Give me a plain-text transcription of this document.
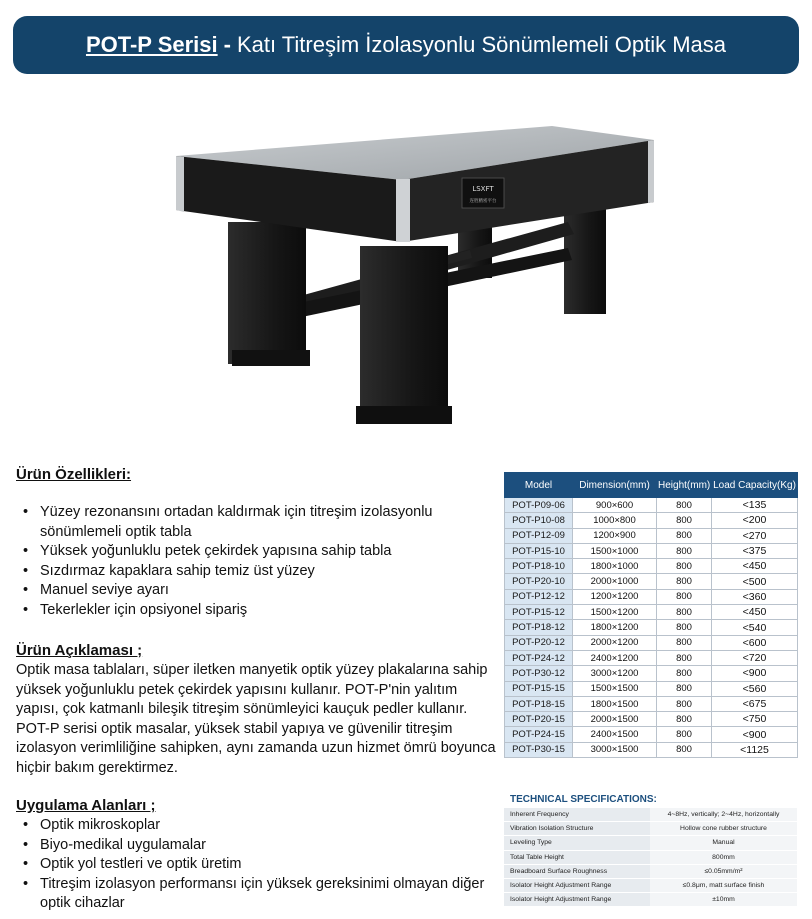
POT-P Serisi - Katı Titreşim İzolasyonlu Sönümlemeli Optik Masa
LSXFT
连胜精密平台
Ürün Özellikleri:
• Yüzey rezonansını ortadan kaldırmak için titreşim izolasyonlu sönümlemeli optik tabla
• Yüksek yoğunluklu petek çekirdek yapısına sahip tabla
• Sızdırmaz kapaklara sahip temiz üst yüzey
• Manuel seviye ayarı
• Tekerlekler için opsiyonel sipariş
Ürün Açıklaması ;
Optik masa tablaları, süper iletken manyetik optik yüzey plakalarına sahip yüksek yoğunluklu petek çekirdek yapısını kullanır. POT-P'nin yalıtım yapısı, çok katmanlı bileşik titreşim sönümleyici kauçuk pedler kullanır. POT-P serisi optik masalar, yüksek stabil yapıya ve güvenilir titreşim izolasyon verimliliğine sahipken, aynı zamanda uzun hizmet ömrü boyunca hiçbir bakım gerektirmez.
Uygulama Alanları ;
• Optik mikroskoplar
• Biyo-medikal uygulamalar
• Optik yol testleri ve optik üretim
• Titreşim izolasyon performansı için yüksek gereksinimi olmayan diğer optik cihazlar
Model	Dimension(mm)	Height(mm)	Load Capacity(Kg)
POT-P09-06	900×600	800	<135
POT-P10-08	1000×800	800	<200
POT-P12-09	1200×900	800	<270
POT-P15-10	1500×1000	800	<375
POT-P18-10	1800×1000	800	<450
POT-P20-10	2000×1000	800	<500
POT-P12-12	1200×1200	800	<360
POT-P15-12	1500×1200	800	<450
POT-P18-12	1800×1200	800	<540
POT-P20-12	2000×1200	800	<600
POT-P24-12	2400×1200	800	<720
POT-P30-12	3000×1200	800	<900
POT-P15-15	1500×1500	800	<560
POT-P18-15	1800×1500	800	<675
POT-P20-15	2000×1500	800	<750
POT-P24-15	2400×1500	800	<900
POT-P30-15	3000×1500	800	<1125
TECHNICAL SPECIFICATIONS:
Inherent Frequency	4~8Hz, vertically; 2~4Hz, horizontally
Vibration Isolation Structure	Hollow cone rubber structure
Leveling Type	Manual
Total Table Height	800mm
Breadboard Surface Roughness	≤0.05mm/m²
Isolator Height Adjustment Range	≤0.8μm, matt surface finish
Isolator Height Adjustment Range	±10mm
